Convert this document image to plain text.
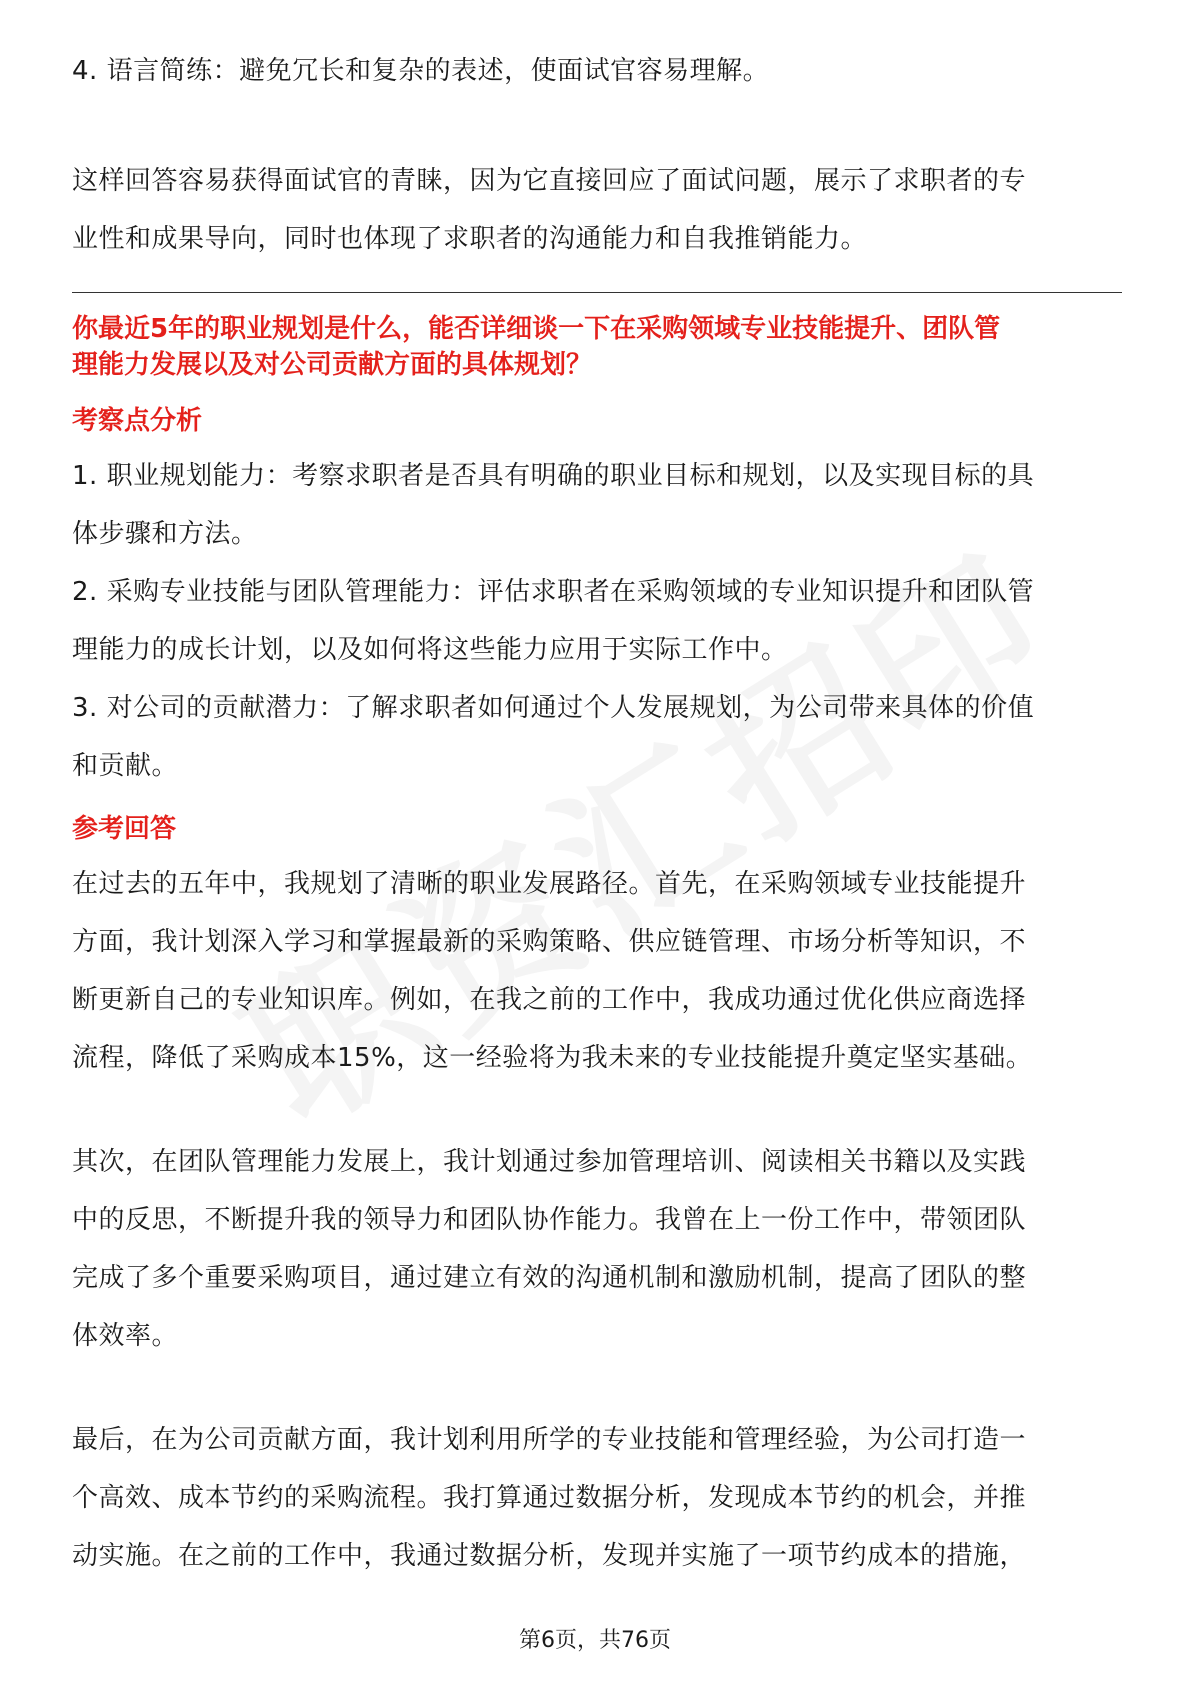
4. 语言简练：避免冗长和复杂的表述，使面试官容易理解。

这样回答容易获得面试官的青睐，因为它直接回应了面试问题，展示了求职者的专

业性和成果导向，同时也体现了求职者的沟通能力和自我推销能力。

你最近5年的职业规划是什么，能否详细谈一下在采购领域专业技能提升、团队管
理能力发展以及对公司贡献方面的具体规划？
考察点分析

1. 职业规划能力：考察求职者是否具有明确的职业目标和规划，以及实现目标的具

体步骤和方法。

2. 采购专业技能与团队管理能力：评估求职者在采购领域的专业知识提升和团队管

理能力的成长计划，以及如何将这些能力应用于实际工作中。

3. 对公司的贡献潜力：了解求职者如何通过个人发展规划，为公司带来具体的价值

和贡献。

参考回答

在过去的五年中，我规划了清晰的职业发展路径。首先，在采购领域专业技能提升

方面，我计划深入学习和掌握最新的采购策略、供应链管理、市场分析等知识，不

断更新自己的专业知识库。例如，在我之前的工作中，我成功通过优化供应商选择

流程，降低了采购成本15%，这一经验将为我未来的专业技能提升奠定坚实基础。

其次，在团队管理能力发展上，我计划通过参加管理培训、阅读相关书籍以及实践

中的反思，不断提升我的领导力和团队协作能力。我曾在上一份工作中，带领团队

完成了多个重要采购项目，通过建立有效的沟通机制和激励机制，提高了团队的整

体效率。

最后，在为公司贡献方面，我计划利用所学的专业技能和管理经验，为公司打造一

个高效、成本节约的采购流程。我打算通过数据分析，发现成本节约的机会，并推

动实施。在之前的工作中，我通过数据分析，发现并实施了一项节约成本的措施，

第6页，共76页
